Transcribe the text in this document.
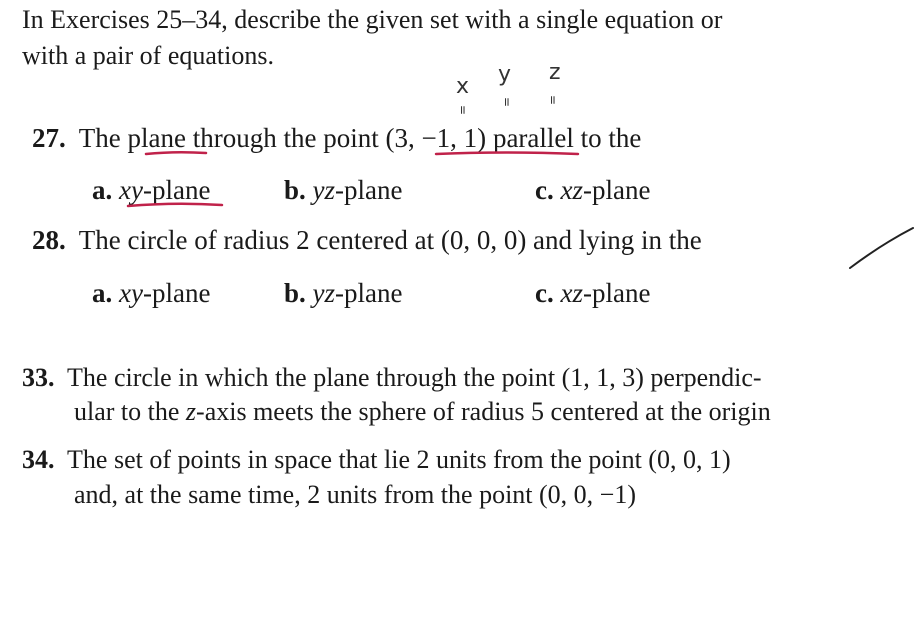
In Exercises 25–34, describe the given set with a single equation or
with a pair of equations.
x y z
=
=	=
27. The plane through the point (3, −1, 1) parallel to the
a. xy-plane	b. yz-plane	c. xz-plane
28. The circle of radius 2 centered at (0, 0, 0) and lying in the
a. xy-plane	b. yz-plane	c. xz-plane
33. The circle in which the plane through the point (1, 1, 3) perpendic-
ular to the z-axis meets the sphere of radius 5 centered at the origin
34. The set of points in space that lie 2 units from the point (0, 0, 1)
and, at the same time, 2 units from the point (0, 0, −1)
